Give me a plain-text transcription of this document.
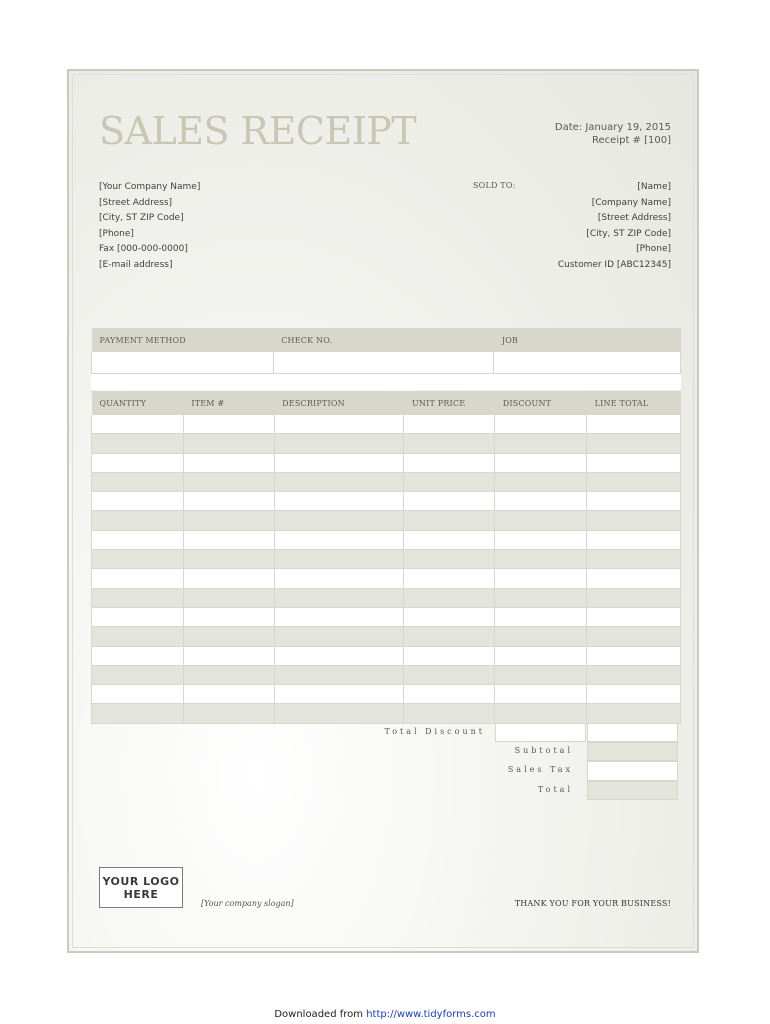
SALES RECEIPT	Date: January 19, 2015
Receipt # [100]
[Your Company Name]
[Street Address]
[City, ST ZIP Code]
[Phone]
Fax [000-000-0000]
[E-mail address]
SOLD TO:	[Name]
[Company Name]
[Street Address]
[City, ST ZIP Code]
[Phone]
Customer ID [ABC12345]
PAYMENT METHOD	CHECK NO.	JOB

QUANTITY	ITEM #	DESCRIPTION	UNIT PRICE	DISCOUNT	LINE TOTAL

Total Discount
Subtotal
Sales Tax
Total
YOUR LOGO
HERE
[Your company slogan]	THANK YOU FOR YOUR BUSINESS!
Downloaded from http://www.tidyforms.com
